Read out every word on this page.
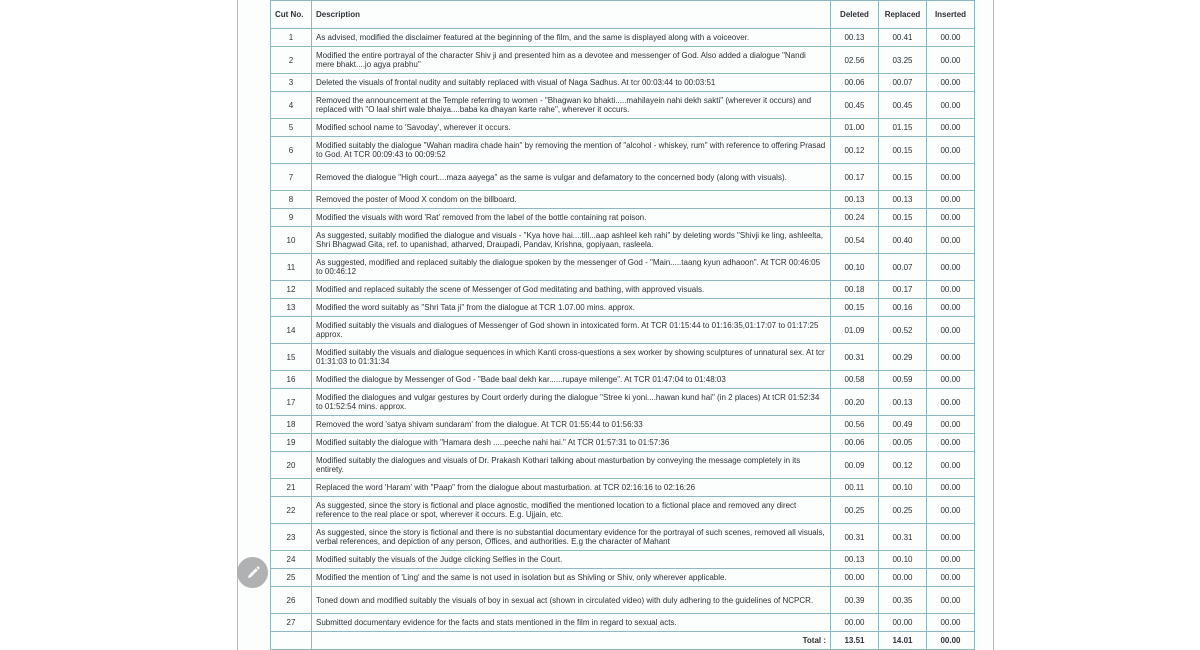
Cut No.	Description	Deleted	Replaced	Inserted
1	As advised, modified the disclaimer featured at the beginning of the film, and the same is displayed along with a voiceover.	00.13	00.41	00.00
2	Modified the entire portrayal of the character Shiv ji and presented him as a devotee and messenger of God. Also added a dialogue "Nandi mere bhakt....jo agya prabhu"	02.56	03.25	00.00
3	Deleted the visuals of frontal nudity and suitably replaced with visual of Naga Sadhus. At tcr 00:03:44 to 00:03:51	00.06	00.07	00.00
4	Removed the announcement at the Temple referring to women - "Bhagwan ko bhakti.....mahilayein nahi dekh sakti" (wherever it occurs) and replaced with "O laal shirt wale bhaiya....baba ka dhayan karte rahe", wherever it occurs.	00.45	00.45	00.00
5	Modified school name to 'Savoday', wherever it occurs.	01.00	01.15	00.00
6	Modified suitably the dialogue "Wahan madira chade hain" by removing the mention of "alcohol - whiskey, rum" with reference to offering Prasad to God. At TCR 00:09:43 to 00:09:52	00.12	00.15	00.00
7	Removed the dialogue "High court....maza aayega" as the same is vulgar and defamatory to the concerned body (along with visuals).	00.17	00.15	00.00
8	Removed the poster of Mood X condom on the billboard.	00.13	00.13	00.00
9	Modified the visuals with word 'Rat' removed from the label of the bottle containing rat poison.	00.24	00.15	00.00
10	As suggested, suitably modified the dialogue and visuals - "Kya hove hai....till...aap ashleel keh rahi" by deleting words "Shivji ke ling, ashleelta, Shri Bhagwad Gita, ref. to upanishad, atharved, Draupadi, Pandav, Krishna, gopiyaan, rasleela.	00.54	00.40	00.00
11	As suggested, modified and replaced suitably the dialogue spoken by the messenger of God - "Main.....taang kyun adhaoon". At TCR 00:46:05 to 00:46:12	00.10	00.07	00.00
12	Modified and replaced suitably the scene of Messenger of God meditating and bathing, with approved visuals.	00.18	00.17	00.00
13	Modified the word suitably as "Shri Tata ji" from the dialogue at TCR 1.07.00 mins. approx.	00.15	00.16	00.00
14	Modified suitably the visuals and dialogues of Messenger of God shown in intoxicated form. At TCR 01:15:44 to 01:16:35,01:17:07 to 01:17:25 approx.	01.09	00.52	00.00
15	Modified suitably the visuals and dialogue sequences in which Kanti cross-questions a sex worker by showing sculptures of unnatural sex. At tcr 01:31:03 to 01:31:34	00.31	00.29	00.00
16	Modified the dialogue by Messenger of God - "Bade baal dekh kar......rupaye milenge". At TCR 01:47:04 to 01:48:03	00.58	00.59	00.00
17	Modified the dialogues and vulgar gestures by Court orderly during the dialogue "Stree ki yoni....hawan kund hai" (in 2 places) At tCR 01:52:34 to 01:52:54 mins. approx.	00.20	00.13	00.00
18	Removed the word 'satya shivam sundaram' from the dialogue. At TCR 01:55:44 to 01:56:33	00.56	00.49	00.00
19	Modified suitably the dialogue with "Hamara desh .....peeche nahi hai." At TCR 01:57:31 to 01:57:36	00.06	00.05	00.00
20	Modified suitably the dialogues and visuals of Dr. Prakash Kothari talking about masturbation by conveying the message completely in its entirety.	00.09	00.12	00.00
21	Replaced the word 'Haram' with "Paap" from the dialogue about masturbation. at TCR 02:16:16 to 02:16:26	00.11	00.10	00.00
22	As suggested, since the story is fictional and place agnostic, modified the mentioned location to a fictional place and removed any direct reference to the real place or spot, wherever it occurs. E.g. Ujjain, etc.	00.25	00.25	00.00
23	As suggested, since the story is fictional and there is no substantial documentary evidence for the portrayal of such scenes, removed all visuals, verbal references, and depiction of any person, Offices, and authorities. E.g the character of Mahant	00.31	00.31	00.00
24	Modified suitably the visuals of the Judge clicking Selfies in the Court.	00.13	00.10	00.00
25	Modified the mention of 'Ling' and the same is not used in isolation but as Shivling or Shiv, only wherever applicable.	00.00	00.00	00.00
26	Toned down and modified suitably the visuals of boy in sexual act (shown in circulated video) with duly adhering to the guidelines of NCPCR.	00.39	00.35	00.00
27	Submitted documentary evidence for the facts and stats mentioned in the film in regard to sexual acts.	00.00	00.00	00.00
	Total :	13.51	14.01	00.00
